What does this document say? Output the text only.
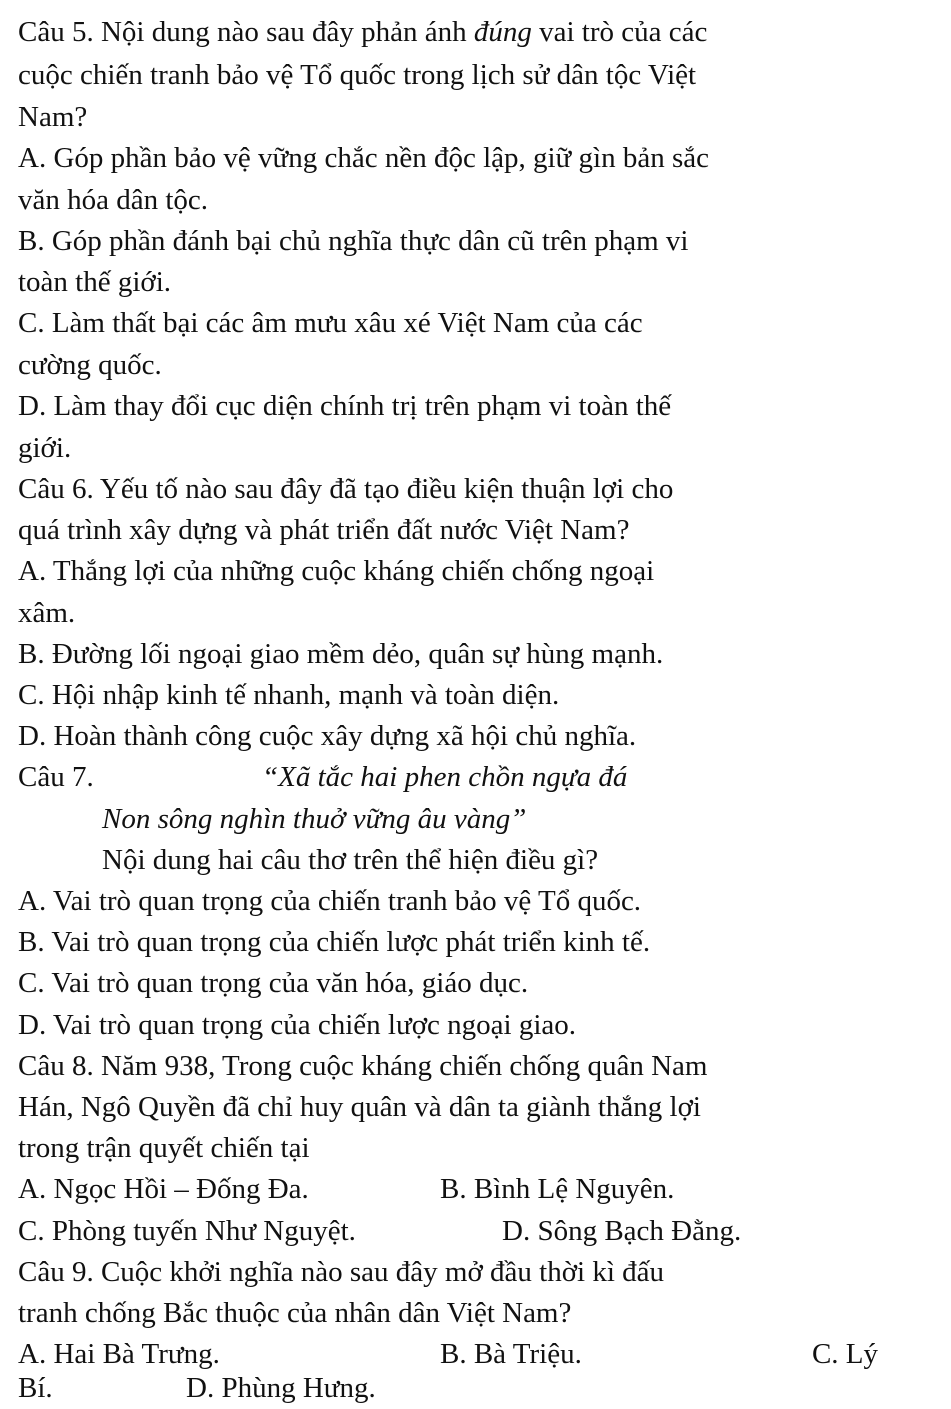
Câu 5. Nội dung nào sau đây phản ánh đúng vai trò của các
cuộc chiến tranh bảo vệ Tổ quốc trong lịch sử dân tộc Việt
Nam?
A. Góp phần bảo vệ vững chắc nền độc lập, giữ gìn bản sắc
văn hóa dân tộc.
B. Góp phần đánh bại chủ nghĩa thực dân cũ trên phạm vi
toàn thế giới.
C. Làm thất bại các âm mưu xâu xé Việt Nam của các
cường quốc.
D. Làm thay đổi cục diện chính trị trên phạm vi toàn thế
giới.
Câu 6. Yếu tố nào sau đây đã tạo điều kiện thuận lợi cho
quá trình xây dựng và phát triển đất nước Việt Nam?
A. Thắng lợi của những cuộc kháng chiến chống ngoại
xâm.
B. Đường lối ngoại giao mềm dẻo, quân sự hùng mạnh.
C. Hội nhập kinh tế nhanh, mạnh và toàn diện.
D. Hoàn thành công cuộc xây dựng xã hội chủ nghĩa.
Câu 7.	“Xã tắc hai phen chồn ngựa đá
Non sông nghìn thuở vững âu vàng”
Nội dung hai câu thơ trên thể hiện điều gì?
A. Vai trò quan trọng của chiến tranh bảo vệ Tổ quốc.
B. Vai trò quan trọng của chiến lược phát triển kinh tế.
C. Vai trò quan trọng của văn hóa, giáo dục.
D. Vai trò quan trọng của chiến lược ngoại giao.
Câu 8. Năm 938, Trong cuộc kháng chiến chống quân Nam
Hán, Ngô Quyền đã chỉ huy quân và dân ta giành thắng lợi
trong trận quyết chiến tại
A. Ngọc Hồi – Đống Đa.	B. Bình Lệ Nguyên.
C. Phòng tuyến Như Nguyệt.	D. Sông Bạch Đằng.
Câu 9. Cuộc khởi nghĩa nào sau đây mở đầu thời kì đấu
tranh chống Bắc thuộc của nhân dân Việt Nam?
A. Hai Bà Trưng.	B. Bà Triệu.	C. Lý
Bí.	D. Phùng Hưng.
